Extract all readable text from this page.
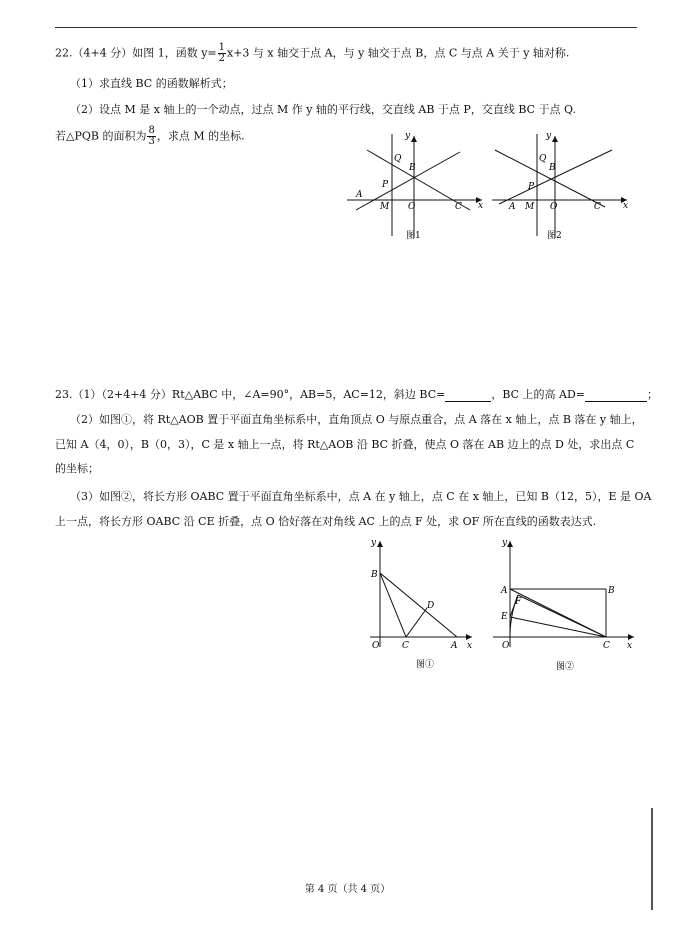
22.（4+4 分）如图 1，函数 $y= \frac{1}{2} x+3$ 与 x 轴交于点 A，与 y 轴交于点 B，点 C 与点 A 关于 y 轴对称.
（1）求直线 BC 的函数解析式；
（2）设点 M 是 x 轴上的一个动点，过点 M 作 y 轴的平行线，交直线 AB 于点 P，交直线 BC 于点 Q.
若△PQB 的面积为 $\frac{8}{3}$ ，求点 M 的坐标.	y
x
O
A
M	C
B
P
Q
图1
y
x
O
A M	C
B
P
Q
图2
23.（1）（2+4+4 分）Rt△ABC 中，∠A=90°，AB=5，AC=12，斜边 BC=	，BC 上的高 AD=	；
（2）如图①，将 Rt△AOB 置于平面直角坐标系中，直角顶点 O 与原点重合，点 A 落在 x 轴上，点 B 落在 y 轴上，
已知 A（4，0），B（0，3），C 是 x 轴上一点，将 Rt△AOB 沿 BC 折叠，使点 O 落在 AB 边上的点 D 处，求出点 C
的坐标；
（3）如图②，将长方形 OABC 置于平面直角坐标系中，点 A 在 y 轴上，点 C 在 x 轴上，已知 B（12，5），E 是 OA
上一点，将长方形 OABC 沿 CE 折叠，点 O 恰好落在对角线 AC 上的点 F 处，求 OF 所在直线的函数表达式.
y
x
B
O	C	A
D
图①
y
x
A	B
E
F
O	C
图②
第 4 页（共 4 页）
